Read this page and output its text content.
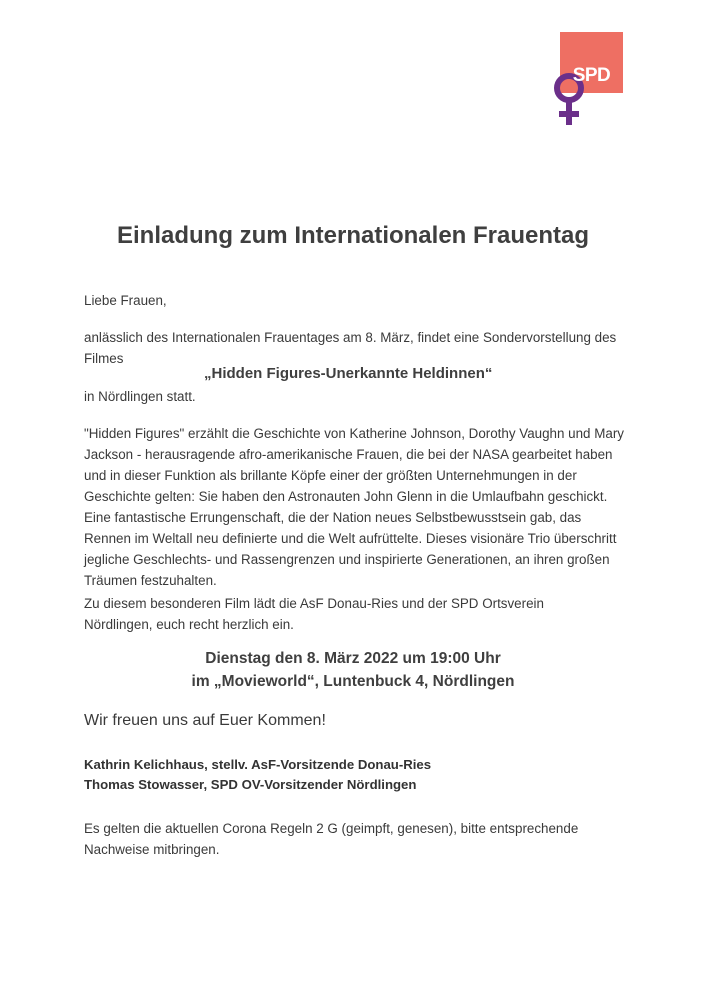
SPD
Einladung zum Internationalen Frauentag
Liebe Frauen,
anlässlich des Internationalen Frauentages am 8. März, findet eine Sondervorstellung des Filmes
„Hidden Figures-Unerkannte Heldinnen“
in Nördlingen statt.
"Hidden Figures" erzählt die Geschichte von Katherine Johnson, Dorothy Vaughn und Mary Jackson - herausragende afro-amerikanische Frauen, die bei der NASA gearbeitet haben und in dieser Funktion als brillante Köpfe einer der größten Unternehmungen in der Geschichte gelten: Sie haben den Astronauten John Glenn in die Umlaufbahn geschickt. Eine fantastische Errungenschaft, die der Nation neues Selbstbewusstsein gab, das Rennen im Weltall neu definierte und die Welt aufrüttelte. Dieses visionäre Trio überschritt jegliche Geschlechts- und Rassengrenzen und inspirierte Generationen, an ihren großen Träumen festzuhalten.
Zu diesem besonderen Film lädt die AsF Donau-Ries und der SPD Ortsverein Nördlingen, euch recht herzlich ein.
Dienstag den 8. März 2022 um 19:00 Uhr
im „Movieworld“, Luntenbuck 4, Nördlingen
Wir freuen uns auf Euer Kommen!
Kathrin Kelichhaus, stellv. AsF-Vorsitzende Donau-Ries
Thomas Stowasser, SPD OV-Vorsitzender Nördlingen
Es gelten die aktuellen Corona Regeln 2 G (geimpft, genesen), bitte entsprechende Nachweise mitbringen.
